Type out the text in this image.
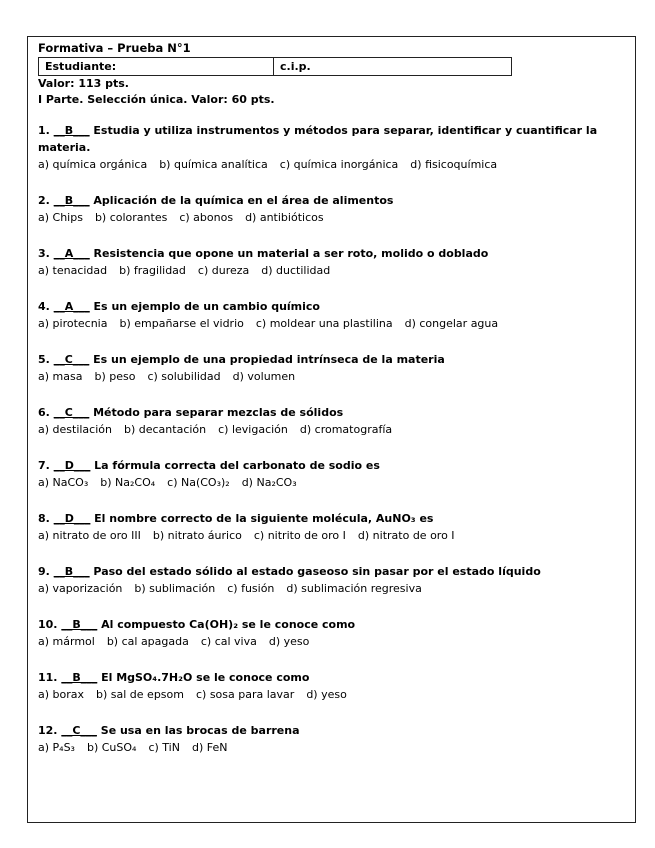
Formativa – Prueba N°1
Estudiante:	c.i.p.
Valor: 113 pts.
I Parte. Selección única. Valor: 60 pts.
1. __B___ Estudia y utiliza instrumentos y métodos para separar, identificar y cuantificar la materia.
a) química orgánica b) química analítica c) química inorgánica d) fisicoquímica
2. __B___ Aplicación de la química en el área de alimentos
a) Chips b) colorantes c) abonos d) antibióticos
3. __A___ Resistencia que opone un material a ser roto, molido o doblado
a) tenacidad b) fragilidad c) dureza d) ductilidad
4. __A___ Es un ejemplo de un cambio químico
a) pirotecnia b) empañarse el vidrio c) moldear una plastilina d) congelar agua
5. __C___ Es un ejemplo de una propiedad intrínseca de la materia
a) masa b) peso c) solubilidad d) volumen
6. __C___ Método para separar mezclas de sólidos
a) destilación b) decantación c) levigación d) cromatografía
7. __D___ La fórmula correcta del carbonato de sodio es
a) NaCO₃ b) Na₂CO₄ c) Na(CO₃)₂ d) Na₂CO₃
8. __D___ El nombre correcto de la siguiente molécula, AuNO₃ es
a) nitrato de oro III b) nitrato áurico c) nitrito de oro I d) nitrato de oro I
9. __B___ Paso del estado sólido al estado gaseoso sin pasar por el estado líquido
a) vaporización b) sublimación c) fusión d) sublimación regresiva
10. __B___ Al compuesto Ca(OH)₂ se le conoce como
a) mármol b) cal apagada c) cal viva d) yeso
11. __B___ El MgSO₄.7H₂O se le conoce como
a) borax b) sal de epsom c) sosa para lavar d) yeso
12. __C___ Se usa en las brocas de barrena
a) P₄S₃ b) CuSO₄ c) TiN d) FeN
